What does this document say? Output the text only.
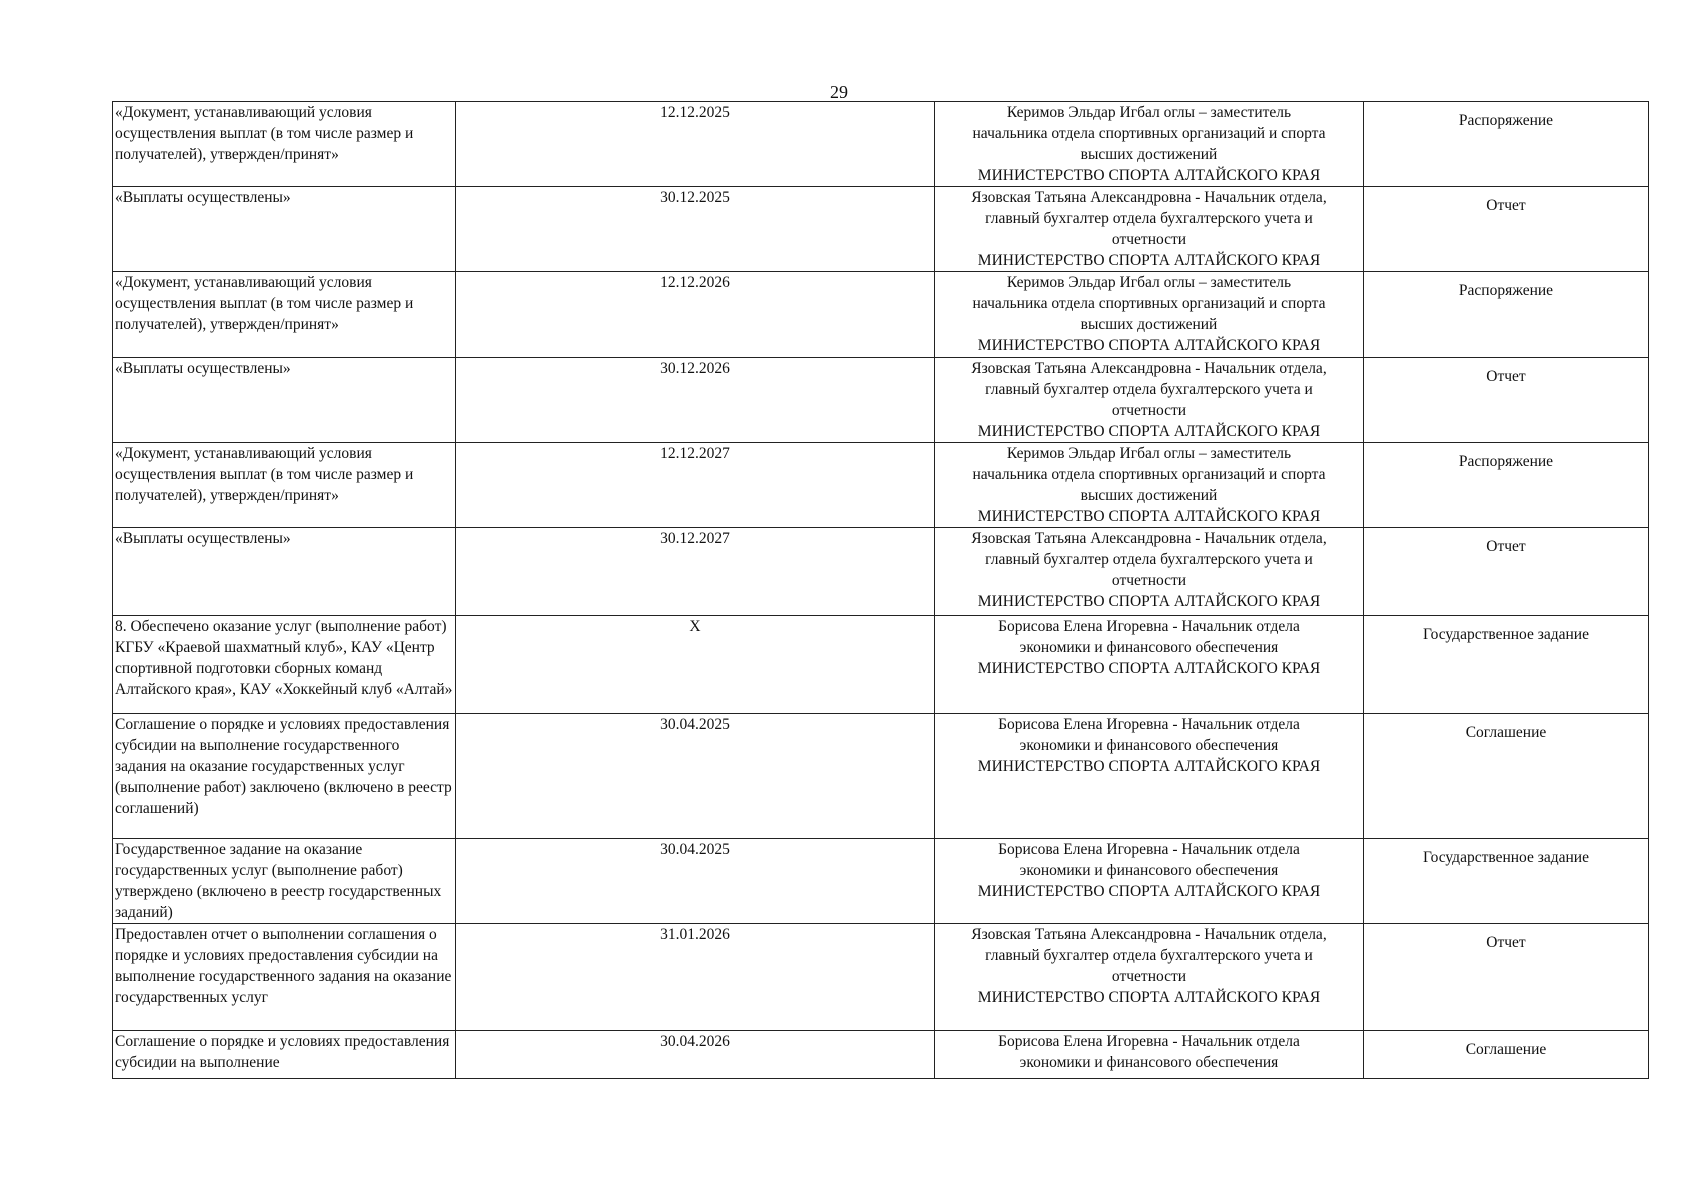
29
«Документ, устанавливающий условия осуществления выплат (в том числе размер и получателей), утвержден/принят»	12.12.2025	Керимов Эльдар Игбал оглы – заместитель
начальника отдела спортивных организаций и спорта
высших достижений
МИНИСТЕРСТВО СПОРТА АЛТАЙСКОГО КРАЯ	Распоряжение
«Выплаты осуществлены»	30.12.2025	Язовская Татьяна Александровна - Начальник отдела,
главный бухгалтер отдела бухгалтерского учета и
отчетности
МИНИСТЕРСТВО СПОРТА АЛТАЙСКОГО КРАЯ	Отчет
«Документ, устанавливающий условия осуществления выплат (в том числе размер и получателей), утвержден/принят»	12.12.2026	Керимов Эльдар Игбал оглы – заместитель
начальника отдела спортивных организаций и спорта
высших достижений
МИНИСТЕРСТВО СПОРТА АЛТАЙСКОГО КРАЯ	Распоряжение
«Выплаты осуществлены»	30.12.2026	Язовская Татьяна Александровна - Начальник отдела,
главный бухгалтер отдела бухгалтерского учета и
отчетности
МИНИСТЕРСТВО СПОРТА АЛТАЙСКОГО КРАЯ	Отчет
«Документ, устанавливающий условия осуществления выплат (в том числе размер и получателей), утвержден/принят»	12.12.2027	Керимов Эльдар Игбал оглы – заместитель
начальника отдела спортивных организаций и спорта
высших достижений
МИНИСТЕРСТВО СПОРТА АЛТАЙСКОГО КРАЯ	Распоряжение
«Выплаты осуществлены»	30.12.2027	Язовская Татьяна Александровна - Начальник отдела,
главный бухгалтер отдела бухгалтерского учета и
отчетности
МИНИСТЕРСТВО СПОРТА АЛТАЙСКОГО КРАЯ	Отчет
8. Обеспечено оказание услуг (выполнение работ) КГБУ «Краевой шахматный клуб», КАУ «Центр спортивной подготовки сборных команд Алтайского края», КАУ «Хоккейный клуб «Алтай»	X	Борисова Елена Игоревна - Начальник отдела
экономики и финансового обеспечения
МИНИСТЕРСТВО СПОРТА АЛТАЙСКОГО КРАЯ	Государственное задание
Соглашение о порядке и условиях предоставления субсидии на выполнение государственного задания на оказание государственных услуг (выполнение работ) заключено (включено в реестр соглашений)	30.04.2025	Борисова Елена Игоревна - Начальник отдела
экономики и финансового обеспечения
МИНИСТЕРСТВО СПОРТА АЛТАЙСКОГО КРАЯ	Соглашение
Государственное задание на оказание государственных услуг (выполнение работ) утверждено (включено в реестр государственных заданий)	30.04.2025	Борисова Елена Игоревна - Начальник отдела
экономики и финансового обеспечения
МИНИСТЕРСТВО СПОРТА АЛТАЙСКОГО КРАЯ	Государственное задание
Предоставлен отчет о выполнении соглашения о порядке и условиях предоставления субсидии на выполнение государственного задания на оказание государственных услуг	31.01.2026	Язовская Татьяна Александровна - Начальник отдела,
главный бухгалтер отдела бухгалтерского учета и
отчетности
МИНИСТЕРСТВО СПОРТА АЛТАЙСКОГО КРАЯ	Отчет
Соглашение о порядке и условиях предоставления субсидии на выполнение	30.04.2026	Борисова Елена Игоревна - Начальник отдела
экономики и финансового обеспечения	Соглашение
